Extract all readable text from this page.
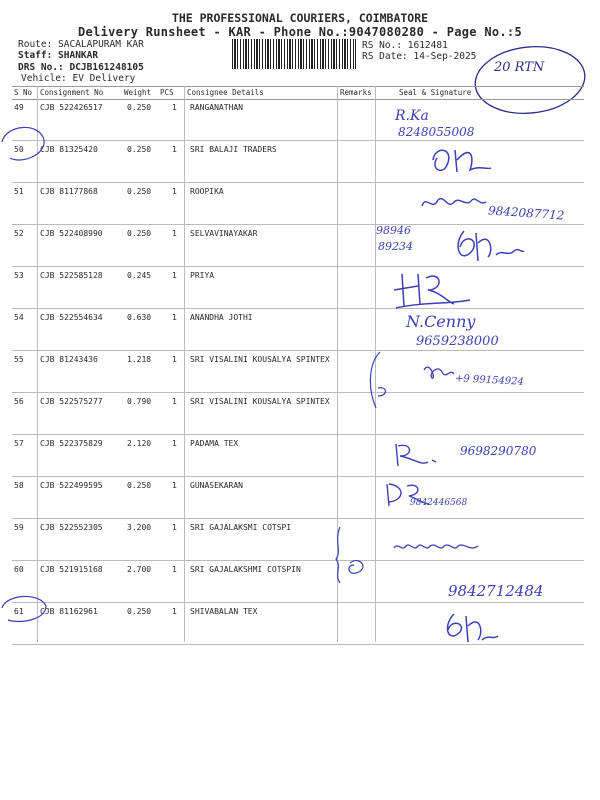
THE PROFESSIONAL COURIERS, COIMBATORE
Delivery Runsheet - KAR - Phone No.:9047080280 - Page No.:5
Route: SACALAPURAM KAR
Staff: SHANKAR
DRS No.: DCJB161248105
Vehicle: EV Delivery
RS No.: 1612481
RS Date: 14-Sep-2025
20 RTN
S No Consignment No	Weight PCS Consignee Details	Remarks	Seal & Signature
49 CJB 522426517	0.250	1 RANGANATHAN
50 CJB 81325420	0.250	1 SRI BALAJI TRADERS
51 CJB 81177868	0.250	1 ROOPIKA
52 CJB 522408990	0.250	1 SELVAVINAYAKAR
53 CJB 522585128	0.245	1 PRIYA
54 CJB 522554634	0.630	1 ANANDHA JOTHI
55 CJB 81243436	1.218	1 SRI VISALINI KOUSALYA SPINTEX
56 CJB 522575277	0.790	1 SRI VISALINI KOUSALYA SPINTEX
57 CJB 522375829	2.120	1 PADAMA TEX
58 CJB 522499595	0.250	1 GUNASEKARAN
59 CJB 522552305	3.200	1 SRI GAJALAKSMI COTSPI
60 CJB 521915168	2.700	1 SRI GAJALAKSHMI COTSPIN
61 CJB 81162961	0.250	1 SHIVABALAN TEX
R.Ka
8248055008
9842087712
98946
89234
N.Cenny
9659238000
+9 99154924
9698290780
9842446568
9842712484
